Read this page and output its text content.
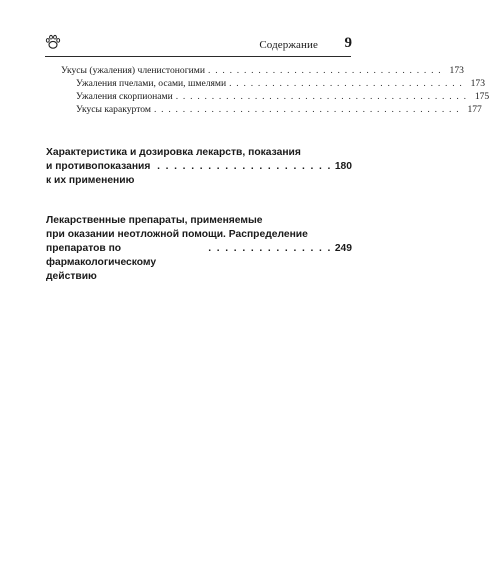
Содержание 9
Укусы (ужаления) членистоногими . . . . . . . . . . . . . . . . . . . . . . . . . . . . . . . . . 173
Ужаления пчелами, осами, шмелями . . . . . . . . . . . . . . . . . . . . . . . . . . . . . . . . . 173
Ужаления скорпионами . . . . . . . . . . . . . . . . . . . . . . . . . . . . . . . . . . . . . . . . . 175
Укусы каракуртом . . . . . . . . . . . . . . . . . . . . . . . . . . . . . . . . . . . . . . . . . . . 177
Характеристика и дозировка лекарств, показания
и противопоказания к их применению
. . . . . . . . . . . . . . . . . . . . . 180
Лекарственные препараты, применяемые
при оказании неотложной помощи. Распределение
препаратов по фармакологическому действию
. . . . . . . . . . . . . . . 249
